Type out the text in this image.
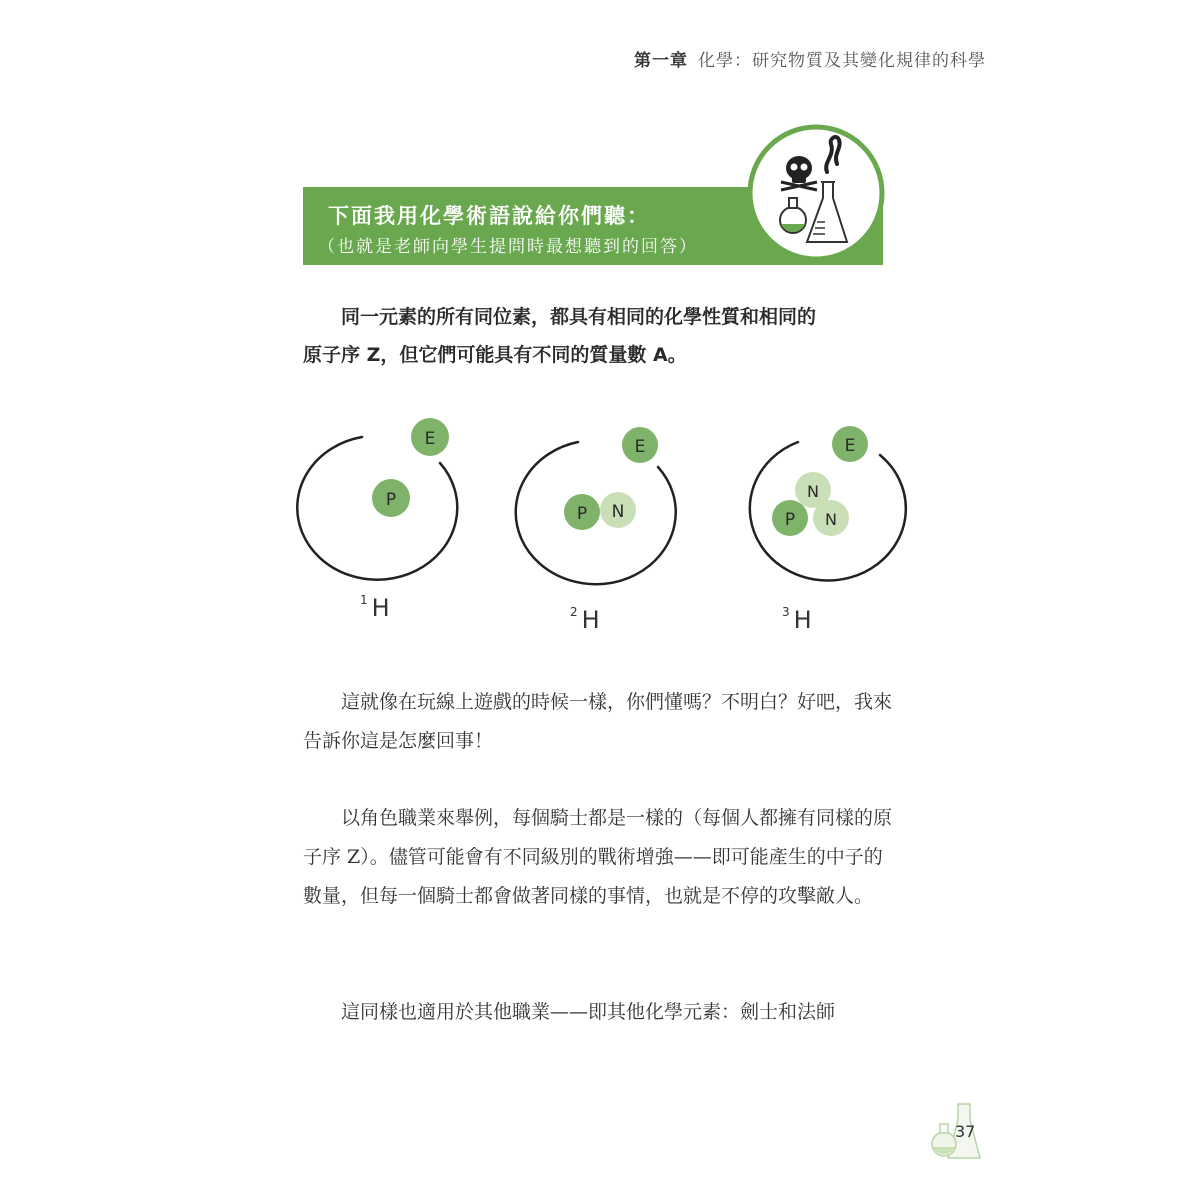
第一章 化學：研究物質及其變化規律的科學
下面我用化學術語說給你們聽：
（也就是老師向學生提問時最想聽到的回答）

同一元素的所有同位素，都具有相同的化學性質和相同的

原子序 Z，但它們可能具有不同的質量數 A。

E
P
E
P N
E
N
P N
$^1$ H	$^2$ H	$^3$ H

這就像在玩線上遊戲的時候一樣，你們懂嗎？不明白？好吧，我來告訴你這是怎麼回事！

以角色職業來舉例，每個騎士都是一樣的（每個人都擁有同樣的原子序 Z）。儘管可能會有不同級別的戰術增強——即可能產生的中子的數量，但每一個騎士都會做著同樣的事情，也就是不停的攻擊敵人。

這同樣也適用於其他職業——即其他化學元素：劍士和法師

37
